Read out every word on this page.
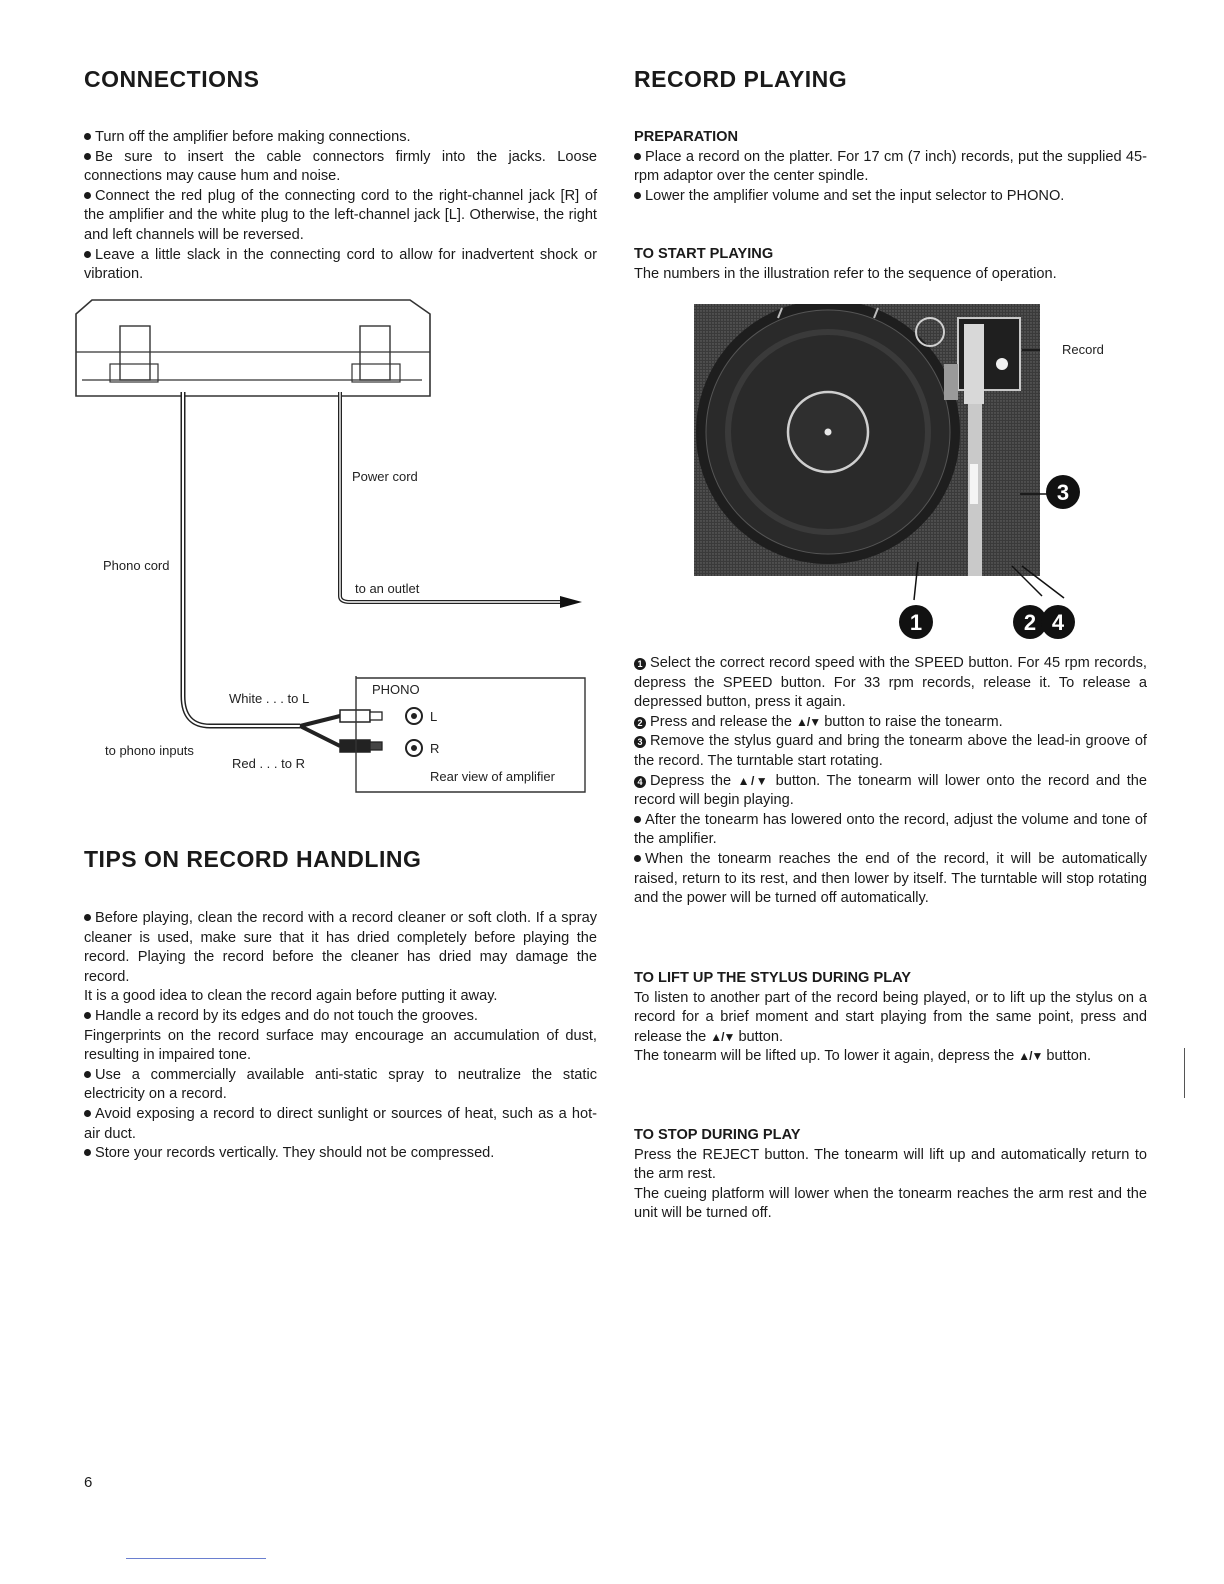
CONNECTIONS

Turn off the amplifier before making connections.

Be sure to insert the cable connectors firmly into the jacks. Loose connections may cause hum and noise.

Connect the red plug of the connecting cord to the right-channel jack [R] of the amplifier and the white plug to the left-channel jack [L]. Otherwise, the right and left channels will be reversed.

Leave a little slack in the connecting cord to allow for inadvertent shock or vibration.

Power cord
Phono cord
to an outlet
PHONO
White . . . to L
L
R
to phono inputs
Red . . . to R
Rear view of amplifier
TIPS ON RECORD HANDLING

Before playing, clean the record with a record cleaner or soft cloth. If a spray cleaner is used, make sure that it has dried completely before playing the record. Playing the record before the cleaner has dried may damage the record.

It is a good idea to clean the record again before putting it away.

Handle a record by its edges and do not touch the grooves.

Fingerprints on the record surface may encourage an accumulation of dust, resulting in impaired tone.

Use a commercially available anti-static spray to neutralize the static electricity on a record.

Avoid exposing a record to direct sunlight or sources of heat, such as a hot-air duct.

Store your records vertically. They should not be compressed.

6
RECORD PLAYING

PREPARATION

Place a record on the platter. For 17 cm (7 inch) records, put the supplied 45-rpm adaptor over the center spindle.

Lower the amplifier volume and set the input selector to PHONO.

TO START PLAYING

The numbers in the illustration refer to the sequence of operation.

3
1	2 4
Record

1 Select the correct record speed with the SPEED button. For 45 rpm records, depress the SPEED button. For 33 rpm records, release it. To release a depressed button, press it again.

2 Press and release the ▲/▼ button to raise the tonearm.

3 Remove the stylus guard and bring the tonearm above the lead-in groove of the record. The turntable start rotating.

4 Depress the ▲/▼ button. The tonearm will lower onto the record and the record will begin playing.

After the tonearm has lowered onto the record, adjust the volume and tone of the amplifier.

When the tonearm reaches the end of the record, it will be automatically raised, return to its rest, and then lower by itself. The turntable will stop rotating and the power will be turned off automatically.

TO LIFT UP THE STYLUS DURING PLAY

To listen to another part of the record being played, or to lift up the stylus on a record for a brief moment and start playing from the same point, press and release the ▲/▼ button.

The tonearm will be lifted up. To lower it again, depress the ▲/▼ button.

TO STOP DURING PLAY

Press the REJECT button. The tonearm will lift up and automatically return to the arm rest.

The cueing platform will lower when the tonearm reaches the arm rest and the unit will be turned off.
